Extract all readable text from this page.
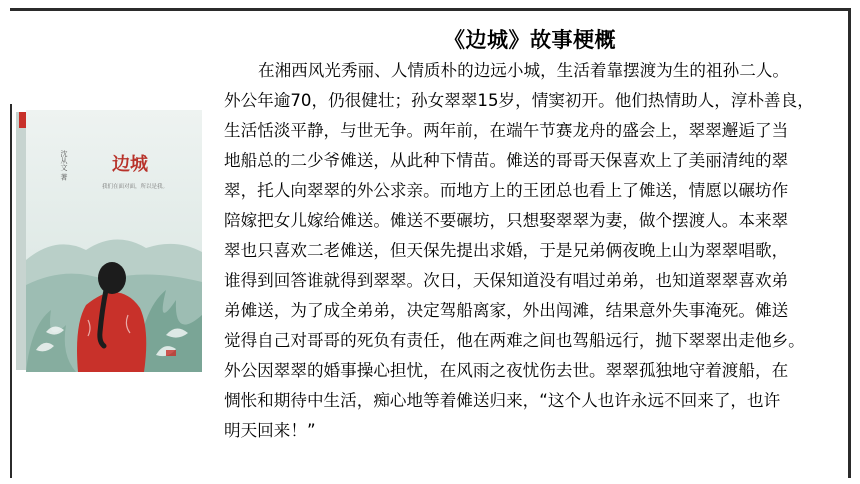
边城
我们在面对面，所以是我。
沈从文 著
《边城》故事梗概
在湘西风光秀丽、人情质朴的边远小城，生活着靠摆渡为生的祖孙二人。
外公年逾70，仍很健壮；孙女翠翠15岁，情窦初开。他们热情助人，淳朴善良，
生活恬淡平静，与世无争。两年前，在端午节赛龙舟的盛会上，翠翠邂逅了当
地船总的二少爷傩送，从此种下情苗。傩送的哥哥天保喜欢上了美丽清纯的翠
翠，托人向翠翠的外公求亲。而地方上的王团总也看上了傩送，情愿以碾坊作
陪嫁把女儿嫁给傩送。傩送不要碾坊，只想娶翠翠为妻，做个摆渡人。本来翠
翠也只喜欢二老傩送，但天保先提出求婚，于是兄弟俩夜晚上山为翠翠唱歌，
谁得到回答谁就得到翠翠。次日，天保知道没有唱过弟弟，也知道翠翠喜欢弟
弟傩送，为了成全弟弟，决定驾船离家，外出闯滩，结果意外失事淹死。傩送
觉得自己对哥哥的死负有责任，他在两难之间也驾船远行，抛下翠翠出走他乡。
外公因翠翠的婚事操心担忧，在风雨之夜忧伤去世。翠翠孤独地守着渡船，在
惆怅和期待中生活，痴心地等着傩送归来，“这个人也许永远不回来了，也许
明天回来！”
